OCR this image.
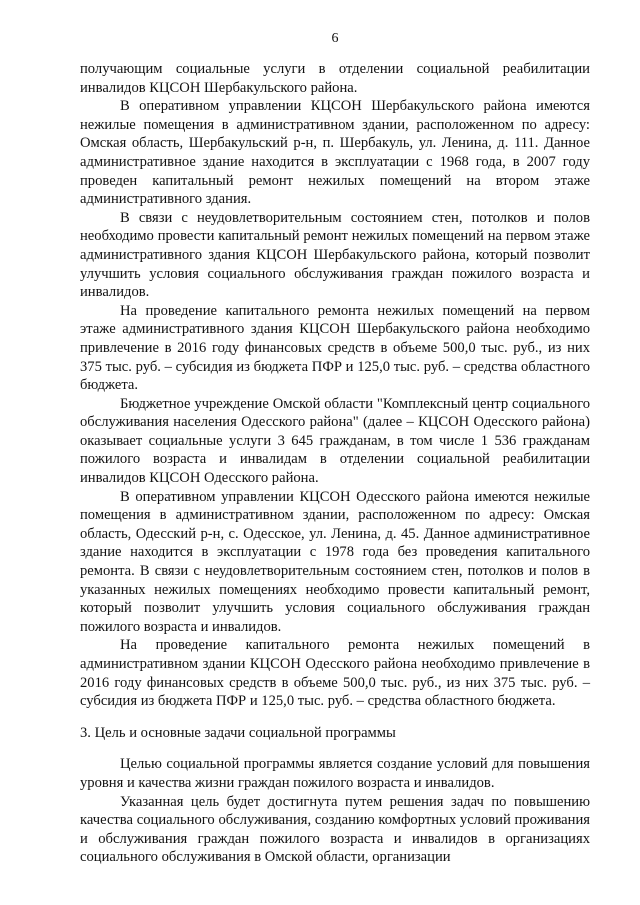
6

получающим социальные услуги в отделении социальной реабилитации инвалидов КЦСОН Шербакульского района.

В оперативном управлении КЦСОН Шербакульского района имеются нежилые помещения в административном здании, расположенном по адресу: Омская область, Шербакульский р-н, п. Шербакуль, ул. Ленина, д. 111. Данное административное здание находится в эксплуатации с 1968 года, в 2007 году проведен капитальный ремонт нежилых помещений на втором этаже административного здания.

В связи с неудовлетворительным состоянием стен, потолков и полов необходимо провести капитальный ремонт нежилых помещений на первом этаже административного здания КЦСОН Шербакульского района, который позволит улучшить условия социального обслуживания граждан пожилого возраста и инвалидов.

На проведение капитального ремонта нежилых помещений на первом этаже административного здания КЦСОН Шербакульского района необходимо привлечение в 2016 году финансовых средств в объеме 500,0 тыс. руб., из них 375 тыс. руб. – субсидия из бюджета ПФР и 125,0 тыс. руб. – средства областного бюджета.

Бюджетное учреждение Омской области "Комплексный центр социального обслуживания населения Одесского района" (далее – КЦСОН Одесского района) оказывает социальные услуги 3 645 гражданам, в том числе 1 536 гражданам пожилого возраста и инвалидам в отделении социальной реабилитации инвалидов КЦСОН Одесского района.

В оперативном управлении КЦСОН Одесского района имеются нежилые помещения в административном здании, расположенном по адресу: Омская область, Одесский р-н, с. Одесское, ул. Ленина, д. 45. Данное административное здание находится в эксплуатации с 1978 года без проведения капитального ремонта. В связи с неудовлетворительным состоянием стен, потолков и полов в указанных нежилых помещениях необходимо провести капитальный ремонт, который позволит улучшить условия социального обслуживания граждан пожилого возраста и инвалидов.

На проведение капитального ремонта нежилых помещений в административном здании КЦСОН Одесского района необходимо привлечение в 2016 году финансовых средств в объеме 500,0 тыс. руб., из них 375 тыс. руб. – субсидия из бюджета ПФР и 125,0 тыс. руб. – средства областного бюджета.

3. Цель и основные задачи социальной программы

Целью социальной программы является создание условий для повышения уровня и качества жизни граждан пожилого возраста и инвалидов.

Указанная цель будет достигнута путем решения задач по повышению качества социального обслуживания, созданию комфортных условий проживания и обслуживания граждан пожилого возраста и инвалидов в организациях социального обслуживания в Омской области, организации
